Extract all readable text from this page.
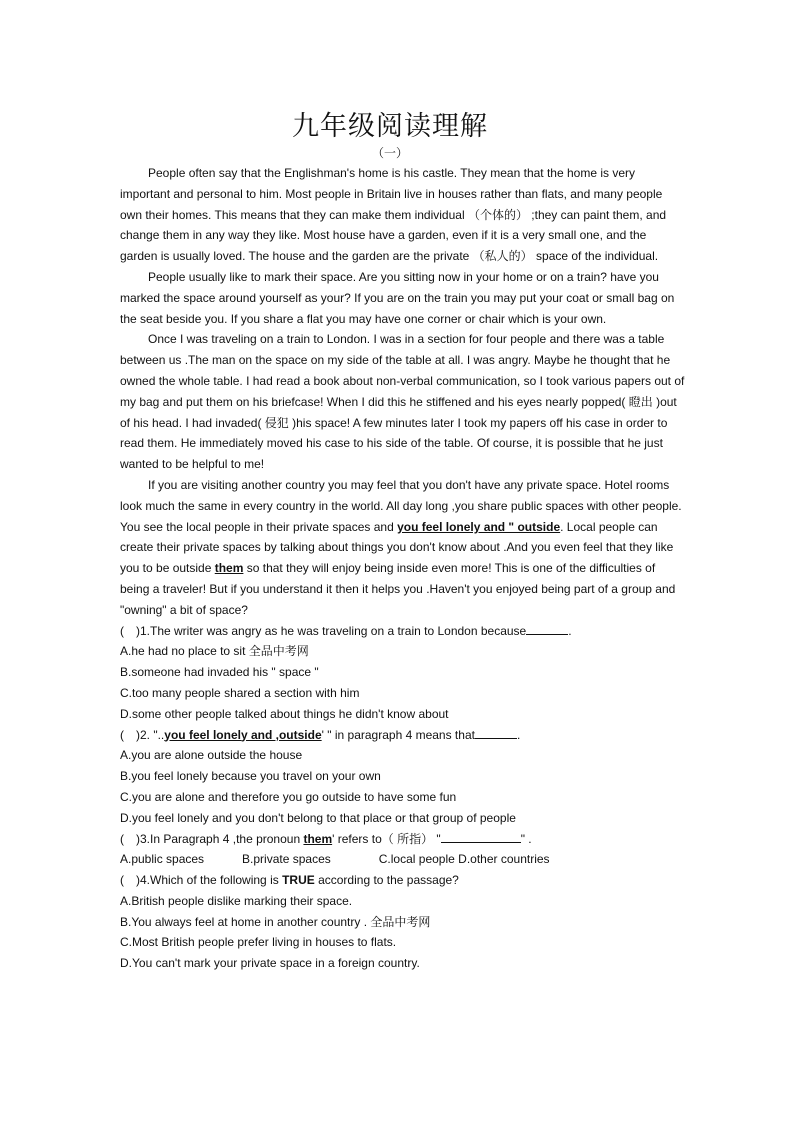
九年级阅读理解
（一）

People often say that the Englishman's home is his castle. They mean that the home is very important and personal to him. Most people in Britain live in houses rather than flats, and many people own their homes. This means that they can make them individual （个体的） ;they can paint them, and change them in any way they like. Most house have a garden, even if it is a very small one, and the garden is usually loved. The house and the garden are the private （私人的） space of the individual.

People usually like to mark their space. Are you sitting now in your home or on a train? have you marked the space around yourself as your? If you are on the train you may put your coat or small bag on the seat beside you. If you share a flat you may have one corner or chair which is your own.

Once I was traveling on a train to London. I was in a section for four people and there was a table between us .The man on the space on my side of the table at all. I was angry. Maybe he thought that he owned the whole table. I had read a book about non-verbal communication, so I took various papers out of my bag and put them on his briefcase! When I did this he stiffened and his eyes nearly popped( 瞪出 )out of his head. I had invaded( 侵犯 )his space! A few minutes later I took my papers off his case in order to read them. He immediately moved his case to his side of the table. Of course, it is possible that he just wanted to be helpful to me!

If you are visiting another country you may feel that you don't have any private space. Hotel rooms look much the same in every country in the world. All day long ,you share public spaces with other people. You see the local people in their private spaces and you feel lonely and " outside. Local people can create their private spaces by talking about things you don't know about .And you even feel that they like you to be outside them so that they will enjoy being inside even more! This is one of the difficulties of being a traveler! But if you understand it then it helps you .Haven't you enjoyed being part of a group and "owning" a bit of space?

( )1.The writer was angry as he was traveling on a train to London because	.

A.he had no place to sit 全品中考网

B.someone had invaded his " space "

C.too many people shared a section with him

D.some other people talked about things he didn't know about

( )2. "..you feel lonely and ,outside' " in paragraph 4 means that	.

A.you are alone outside the house

B.you feel lonely because you travel on your own

C.you are alone and therefore you go outside to have some fun

D.you feel lonely and you don't belong to that place or that group of people

( )3.In Paragraph 4 ,the pronoun them' refers to（ 所指） "	" .

A.public spaces	B.private spaces	C.local people D.other countries

( )4.Which of the following is TRUE according to the passage?

A.British people dislike marking their space.

B.You always feel at home in another country . 全品中考网

C.Most British people prefer living in houses to flats.

D.You can't mark your private space in a foreign country.
